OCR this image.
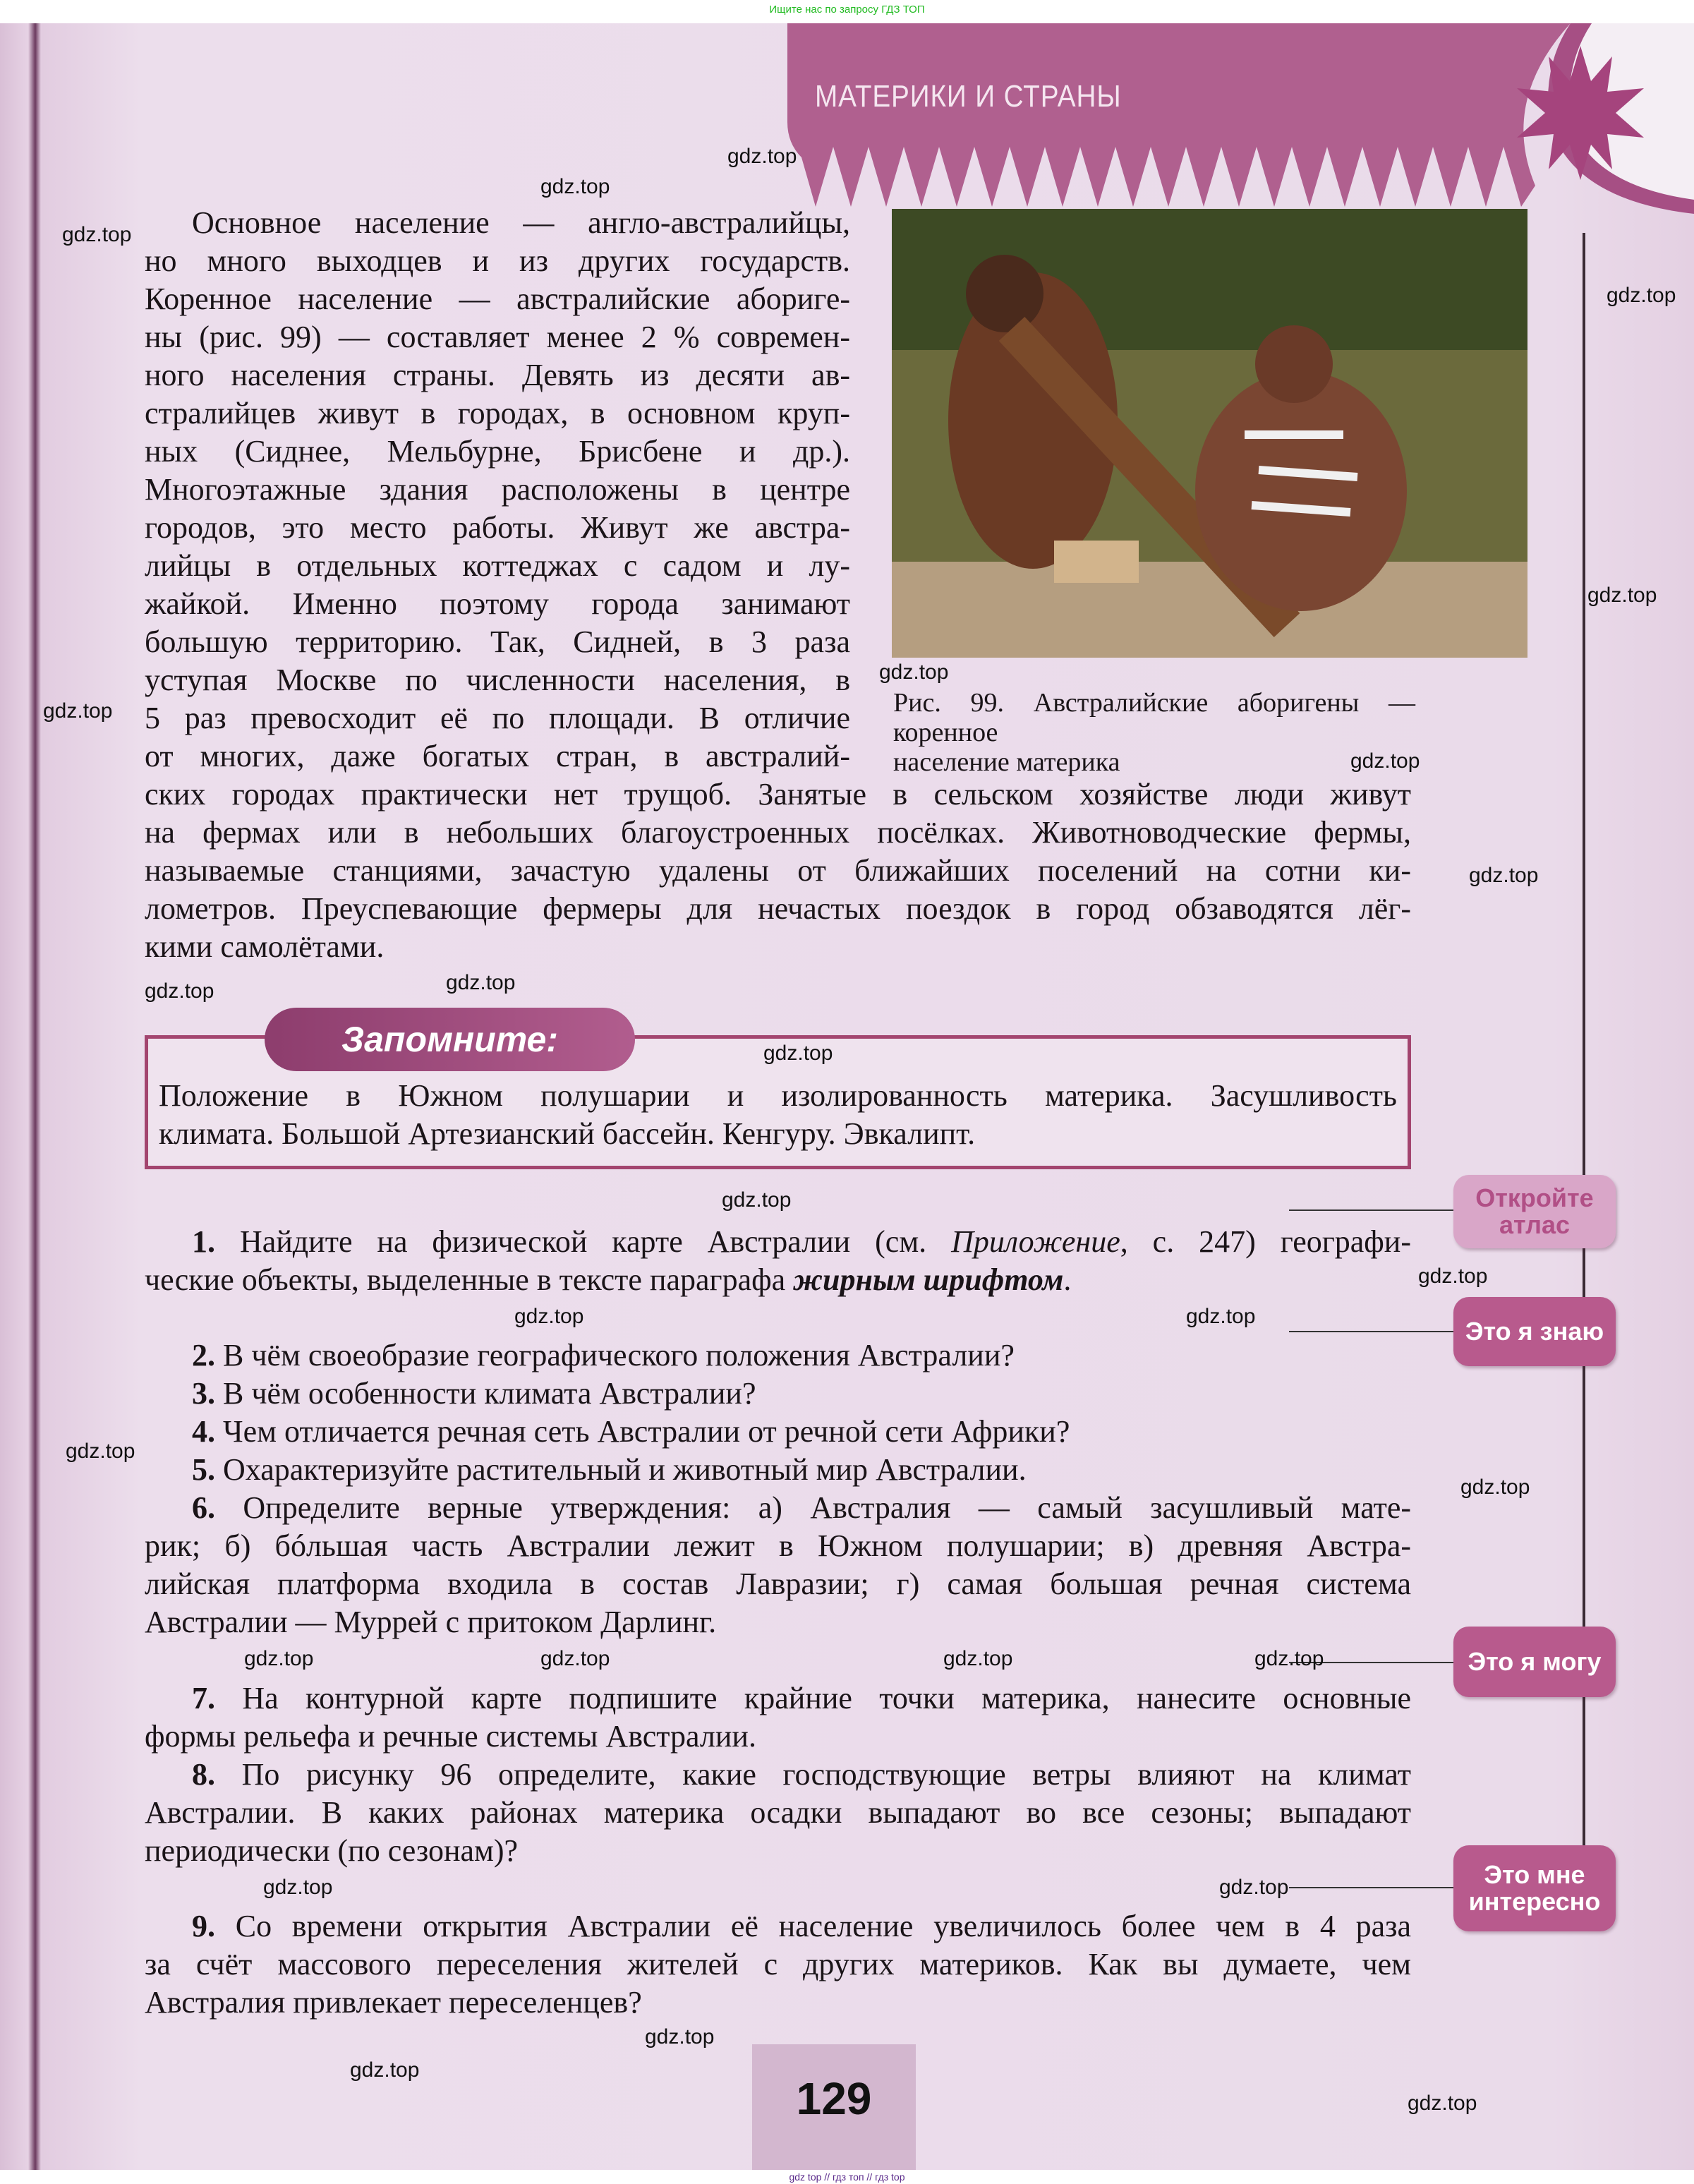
Ищите нас по запросу ГДЗ ТОП
МАТЕРИКИ И СТРАНЫ
Рис. 99. Австралийские аборигены — коренное
население материка
Основное население — англо-австралийцы,
но много выходцев и из других государств.
Коренное население — австралийские абориге-
ны (рис. 99) — составляет менее 2 % современ-
ного населения страны. Девять из десяти ав-
стралийцев живут в городах, в основном круп-
ных (Сиднее, Мельбурне, Брисбене и др.).
Многоэтажные здания расположены в центре
городов, это место работы. Живут же австра-
лийцы в отдельных коттеджах с садом и лу-
жайкой. Именно поэтому города занимают
большую территорию. Так, Сидней, в 3 раза
уступая Москве по численности населения, в
5 раз превосходит её по площади. В отличие
от многих, даже богатых стран, в австралий-
ских городах практически нет трущоб. Занятые в сельском хозяйстве люди живут
на фермах или в небольших благоустроенных посёлках. Животноводческие фермы,
называемые станциями, зачастую удалены от ближайших поселений на сотни ки-
лометров. Преуспевающие фермеры для нечастых поездок в город обзаводятся лёг-
кими самолётами.
Запомните:
Положение в Южном полушарии и изолированность материка. Засушливость
климата. Большой Артезианский бассейн. Кенгуру. Эвкалипт.
1. Найдите на физической карте Австралии (см. Приложение, с. 247) географи-
ческие объекты, выделенные в тексте параграфа жирным шрифтом.
2. В чём своеобразие географического положения Австралии?
3. В чём особенности климата Австралии?
4. Чем отличается речная сеть Австралии от речной сети Африки?
5. Охарактеризуйте растительный и животный мир Австралии.
6. Определите верные утверждения: а) Австралия — самый засушливый мате-
рик; б) бóльшая часть Австралии лежит в Южном полушарии; в) древняя Австра-
лийская платформа входила в состав Лавразии; г) самая большая речная система
Австралии — Муррей с притоком Дарлинг.
7. На контурной карте подпишите крайние точки материка, нанесите основные
формы рельефа и речные системы Австралии.
8. По рисунку 96 определите, какие господствующие ветры влияют на климат
Австралии. В каких районах материка осадки выпадают во все сезоны; выпадают
периодически (по сезонам)?
9. Со времени открытия Австралии её население увеличилось более чем в 4 раза
за счёт массового переселения жителей с других материков. Как вы думаете, чем
Австралия привлекает переселенцев?
Откройте атлас
Это я знаю
Это я могу
Это мне интересно
129
gdz.top
gdz.top
gdz.top
gdz.top
gdz.top
gdz.top
gdz.top
gdz.top
gdz.top
gdz.top
gdz.top
gdz.top
gdz.top
gdz.top
gdz.top	gdz.top
gdz.top
gdz.top
gdz.top
gdz.top	gdz.top	gdz.top
gdz.top
gdz.top
gdz.top
gdz.top
gdz.top
gdz top // гдз топ // гдз top
